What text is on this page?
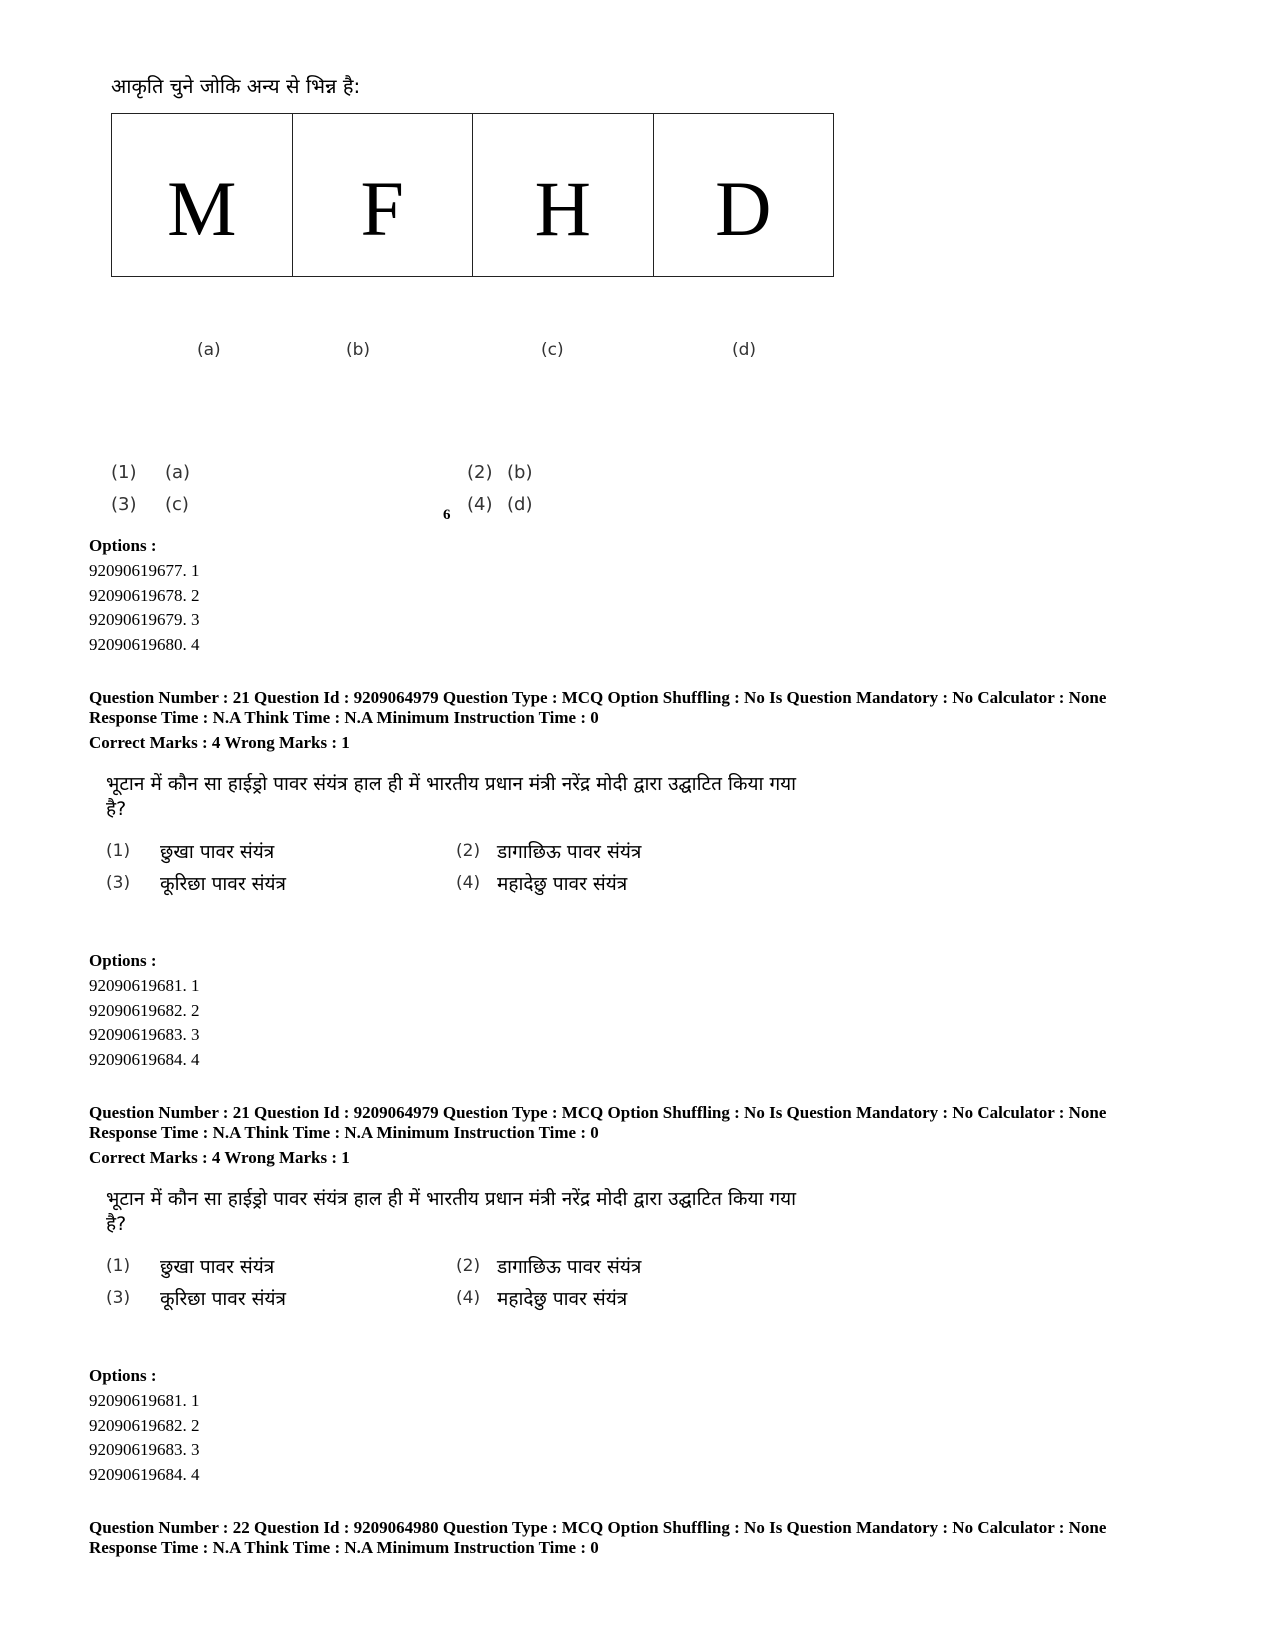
आकृति चुने जोकि अन्य से भिन्न है:
M	F	H	D
(a)	(b)	(c)	(d)
(1) (a)	(2) (b)
(3) (c)	(4) (d)
6
Options :
92090619677. 1
92090619678. 2
92090619679. 3
92090619680. 4
Question Number : 21 Question Id : 9209064979 Question Type : MCQ Option Shuffling : No Is Question Mandatory : No Calculator : None
Response Time : N.A Think Time : N.A Minimum Instruction Time : 0
Correct Marks : 4 Wrong Marks : 1
भूटान में कौन सा हाईड्रो पावर संयंत्र हाल ही में भारतीय प्रधान मंत्री नरेंद्र मोदी द्वारा उद्घाटित किया गया
है?
(1) छुखा पावर संयंत्र	(2) डागाछिऊ पावर संयंत्र
(3) कूरिछा पावर संयंत्र	(4) महादेछु पावर संयंत्र
Options :
92090619681. 1
92090619682. 2
92090619683. 3
92090619684. 4
Question Number : 21 Question Id : 9209064979 Question Type : MCQ Option Shuffling : No Is Question Mandatory : No Calculator : None
Response Time : N.A Think Time : N.A Minimum Instruction Time : 0
Correct Marks : 4 Wrong Marks : 1
भूटान में कौन सा हाईड्रो पावर संयंत्र हाल ही में भारतीय प्रधान मंत्री नरेंद्र मोदी द्वारा उद्घाटित किया गया
है?
(1) छुखा पावर संयंत्र	(2) डागाछिऊ पावर संयंत्र
(3) कूरिछा पावर संयंत्र	(4) महादेछु पावर संयंत्र
Options :
92090619681. 1
92090619682. 2
92090619683. 3
92090619684. 4
Question Number : 22 Question Id : 9209064980 Question Type : MCQ Option Shuffling : No Is Question Mandatory : No Calculator : None
Response Time : N.A Think Time : N.A Minimum Instruction Time : 0
